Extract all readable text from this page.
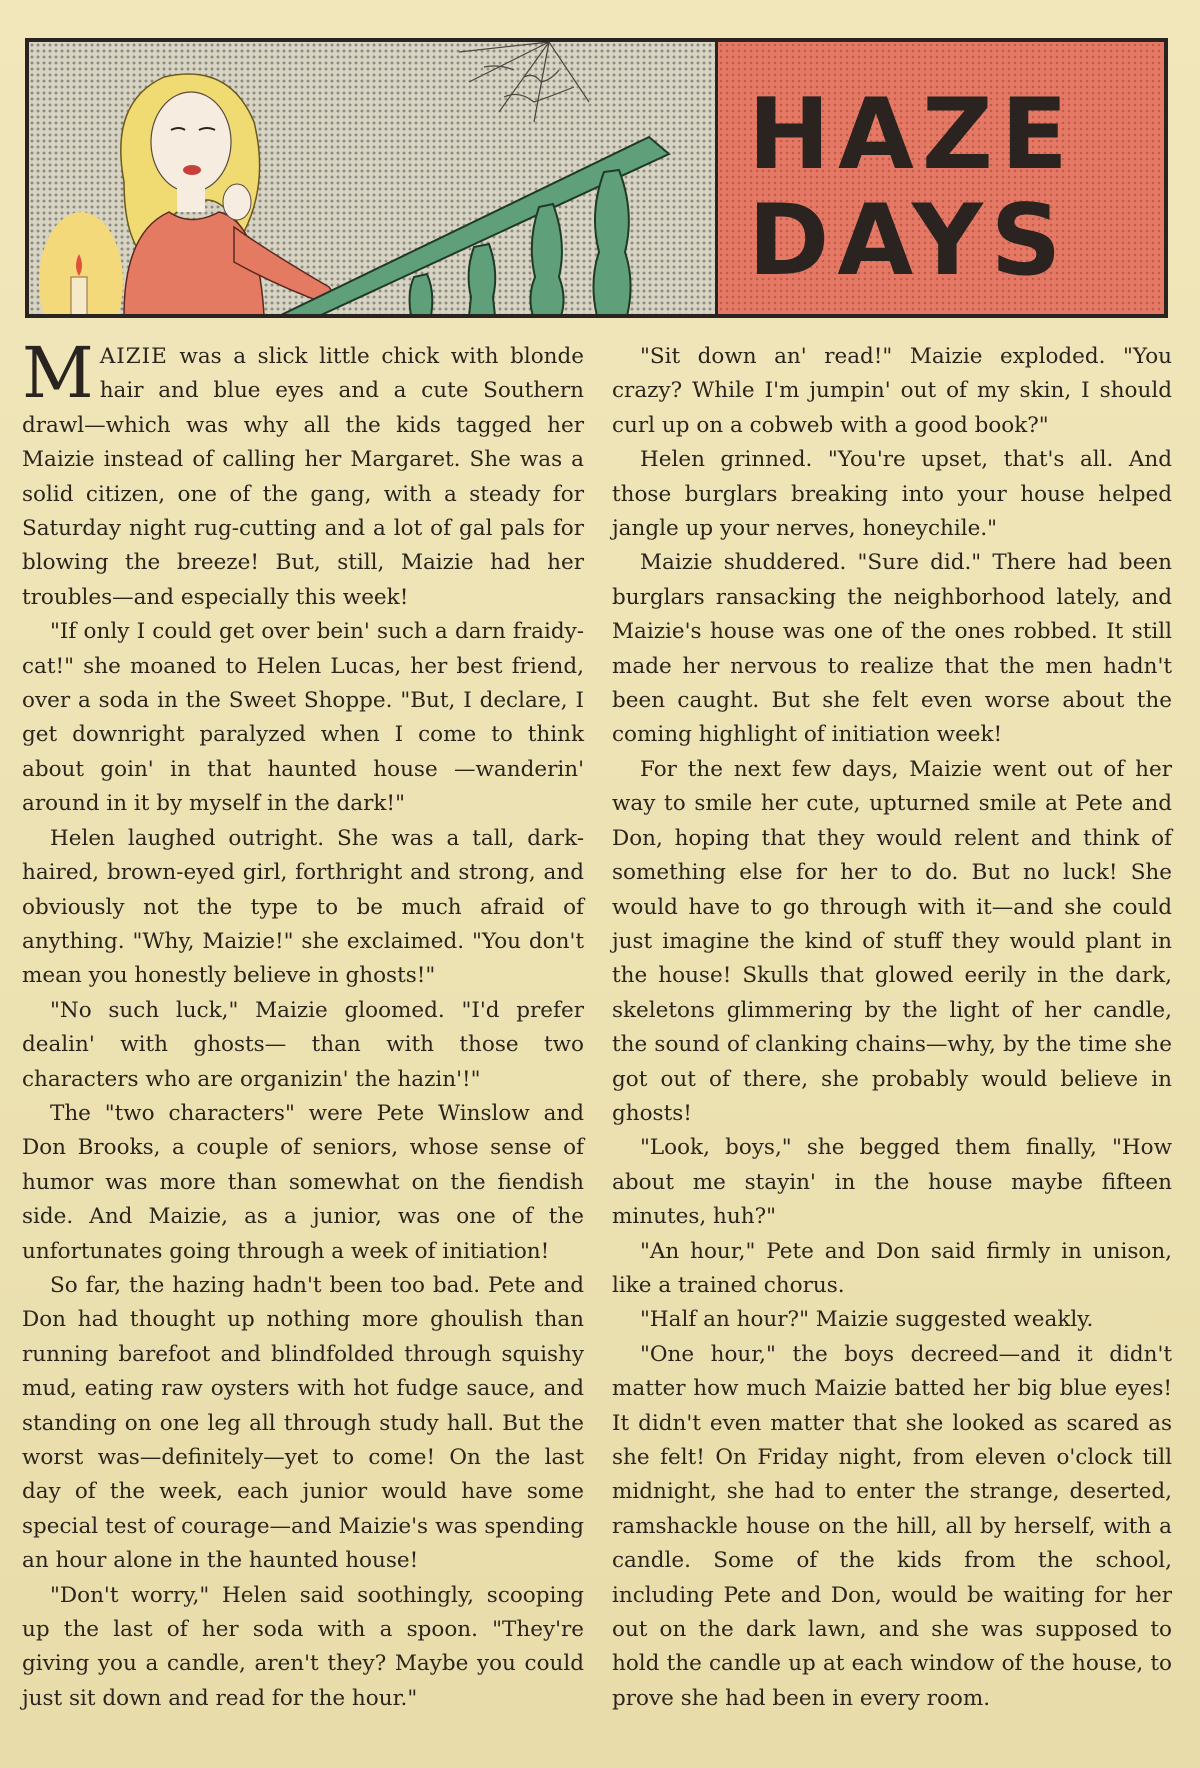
HAZE
DAYS

MAIZIE was a slick little chick with blonde hair and blue eyes and a cute Southern drawl—which was why all the kids tagged her Maizie instead of calling her Margaret. She was a solid citizen, one of the gang, with a steady for Saturday night rug-cutting and a lot of gal pals for blowing the breeze! But, still, Maizie had her troubles—and especially this week!

"If only I could get over bein' such a darn fraidy-cat!" she moaned to Helen Lucas, her best friend, over a soda in the Sweet Shoppe. "But, I declare, I get downright paralyzed when I come to think about goin' in that haunted house —wanderin' around in it by myself in the dark!"

Helen laughed outright. She was a tall, dark-haired, brown-eyed girl, forthright and strong, and obviously not the type to be much afraid of anything. "Why, Maizie!" she exclaimed. "You don't mean you honestly believe in ghosts!"

"No such luck," Maizie gloomed. "I'd prefer dealin' with ghosts— than with those two characters who are organizin' the hazin'!"

The "two characters" were Pete Winslow and Don Brooks, a couple of seniors, whose sense of humor was more than somewhat on the fiendish side. And Maizie, as a junior, was one of the unfortunates going through a week of initiation!

So far, the hazing hadn't been too bad. Pete and Don had thought up nothing more ghoulish than running barefoot and blindfolded through squishy mud, eating raw oysters with hot fudge sauce, and standing on one leg all through study hall. But the worst was—definitely—yet to come! On the last day of the week, each junior would have some special test of courage—and Maizie's was spending an hour alone in the haunted house!

"Don't worry," Helen said soothingly, scooping up the last of her soda with a spoon. "They're giving you a candle, aren't they? Maybe you could just sit down and read for the hour."

"Sit down an' read!" Maizie exploded. "You crazy? While I'm jumpin' out of my skin, I should curl up on a cobweb with a good book?"

Helen grinned. "You're upset, that's all. And those burglars breaking into your house helped jangle up your nerves, honeychile."

Maizie shuddered. "Sure did." There had been burglars ransacking the neighborhood lately, and Maizie's house was one of the ones robbed. It still made her nervous to realize that the men hadn't been caught. But she felt even worse about the coming highlight of initiation week!

For the next few days, Maizie went out of her way to smile her cute, upturned smile at Pete and Don, hoping that they would relent and think of something else for her to do. But no luck! She would have to go through with it—and she could just imagine the kind of stuff they would plant in the house! Skulls that glowed eerily in the dark, skeletons glimmering by the light of her candle, the sound of clanking chains—why, by the time she got out of there, she probably would believe in ghosts!

"Look, boys," she begged them finally, "How about me stayin' in the house maybe fifteen minutes, huh?"

"An hour," Pete and Don said firmly in unison, like a trained chorus.

"Half an hour?" Maizie suggested weakly.

"One hour," the boys decreed—and it didn't matter how much Maizie batted her big blue eyes! It didn't even matter that she looked as scared as she felt! On Friday night, from eleven o'clock till midnight, she had to enter the strange, deserted, ramshackle house on the hill, all by herself, with a candle. Some of the kids from the school, including Pete and Don, would be waiting for her out on the dark lawn, and she was supposed to hold the candle up at each window of the house, to prove she had been in every room.
